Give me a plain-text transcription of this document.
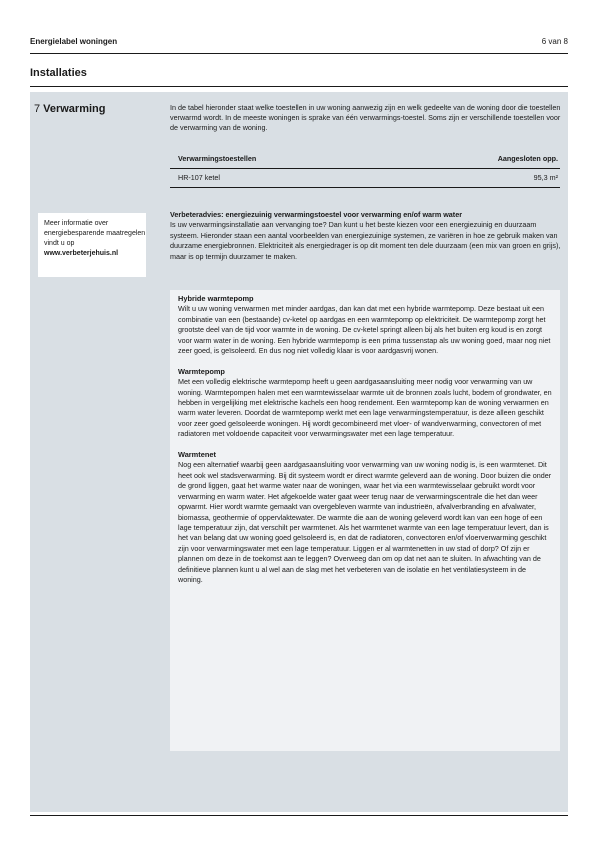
Energielabel woningen	6 van 8
Installaties
7 Verwarming	In de tabel hieronder staat welke toestellen in uw woning aanwezig zijn en welk gedeelte van de woning door die toestellen verwarmd wordt. In de meeste woningen is sprake van één verwarmings-toestel. Soms zijn er verschillende toestellen voor de verwarming van de woning.
Verwarmingstoestellen	Aangesloten opp.
HR-107 ketel	95,3 m²
Meer informatie over energiebesparende maatregelen vindt u op www.verbeterjehuis.nl
Verbeteradvies: energiezuinig verwarmingstoestel voor verwarming en/of warm water
Is uw verwarmingsinstallatie aan vervanging toe? Dan kunt u het beste kiezen voor een energiezuinig en duurzaam systeem. Hieronder staan een aantal voorbeelden van energiezuinige systemen, ze variëren in hoe ze gebruik maken van duurzame energiebronnen. Elektriciteit als energiedrager is op dit moment ten dele duurzaam (een mix van groen en grijs), maar is op termijn duurzamer te maken.
Hybride warmtepomp

Wilt u uw woning verwarmen met minder aardgas, dan kan dat met een hybride warmtepomp. Deze bestaat uit een combinatie van een (bestaande) cv-ketel op aardgas en een warmtepomp op elektriciteit. De warmtepomp zorgt het grootste deel van de tijd voor warmte in de woning. De cv-ketel springt alleen bij als het buiten erg koud is en zorgt voor warm water in de woning. Een hybride warmtepomp is een prima tussenstap als uw woning goed, maar nog niet zeer goed, is geïsoleerd. En dus nog niet volledig klaar is voor aardgasvrij wonen.

Warmtepomp

Met een volledig elektrische warmtepomp heeft u geen aardgasaansluiting meer nodig voor verwarming van uw woning. Warmtepompen halen met een warmtewisselaar warmte uit de bronnen zoals lucht, bodem of grondwater, en hebben in vergelijking met elektrische kachels een hoog rendement. Een warmtepomp kan de woning verwarmen en warm water leveren. Doordat de warmtepomp werkt met een lage verwarmingstemperatuur, is deze alleen geschikt voor zeer goed geïsoleerde woningen. Hij wordt gecombineerd met vloer- of wandverwarming, convectoren of met radiatoren met voldoende capaciteit voor verwarmingswater met een lage temperatuur.

Warmtenet

Nog een alternatief waarbij geen aardgasaansluiting voor verwarming van uw woning nodig is, is een warmtenet. Dit heet ook wel stadsverwarming. Bij dit systeem wordt er direct warmte geleverd aan de woning. Door buizen die onder de grond liggen, gaat het warme water naar de woningen, waar het via een warmtewisselaar gebruikt wordt voor verwarming en warm water. Het afgekoelde water gaat weer terug naar de verwarmingscentrale die het dan weer opwarmt. Hier wordt warmte gemaakt van overgebleven warmte van industrieën, afvalverbranding en afvalwater, biomassa, geothermie of oppervlaktewater. De warmte die aan de woning geleverd wordt kan van een hoge of een lage temperatuur zijn, dat verschilt per warmtenet. Als het warmtenet warmte van een lage temperatuur levert, dan is het van belang dat uw woning goed geïsoleerd is, en dat de radiatoren, convectoren en/of vloerverwarming geschikt zijn voor verwarmingswater met een lage temperatuur. Liggen er al warmtenetten in uw stad of dorp? Of zijn er plannen om deze in de toekomst aan te leggen? Overweeg dan om op dat net aan te sluiten. In afwachting van de definitieve plannen kunt u al wel aan de slag met het verbeteren van de isolatie en het ventilatiesysteem in de woning.
